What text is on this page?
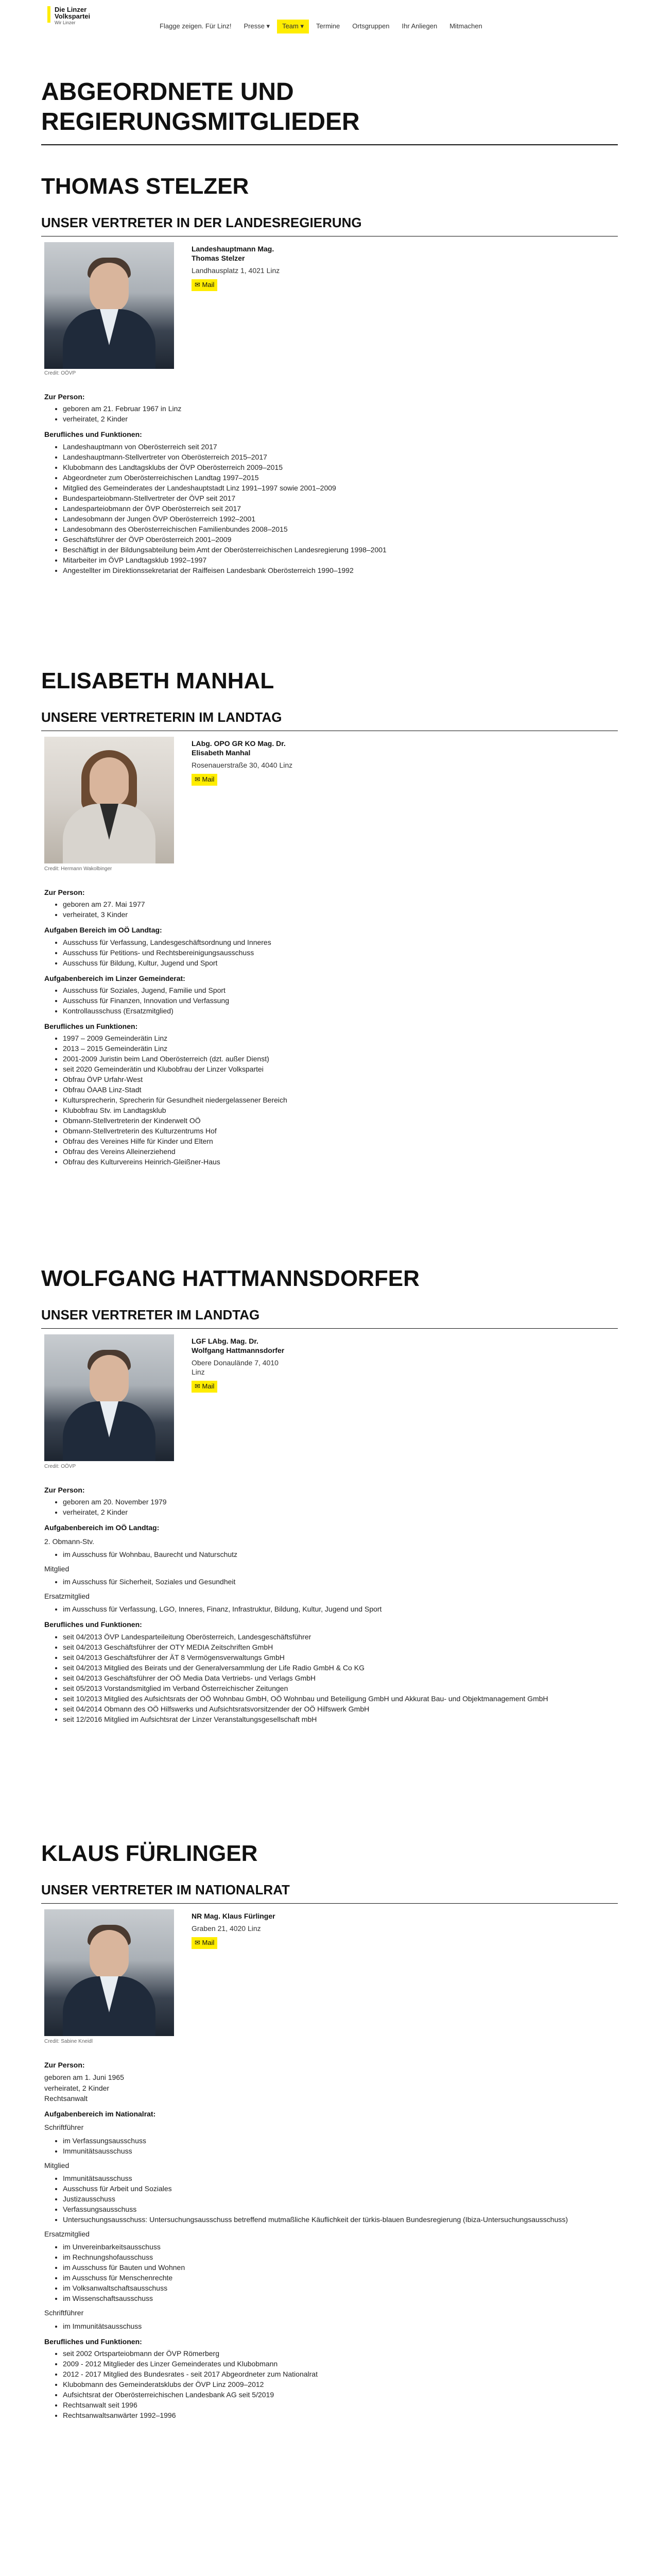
Die Linzer
Volkspartei
Wir Linzer	Flagge zeigen. Für Linz!	Presse ▾	Team ▾	Termine	Ortsgruppen	Ihr Anliegen	Mitmachen
ABGEORDNETE UND REGIERUNGSMITGLIEDER
THOMAS STELZER
UNSER VERTRETER IN DER LANDESREGIERUNG
Credit: OÖVP
Landeshauptmann Mag.
Thomas Stelzer
Landhausplatz 1, 4021 Linz
✉ Mail
Zur Person:
• geboren am 21. Februar 1967 in Linz
• verheiratet, 2 Kinder
Berufliches und Funktionen:
• Landeshauptmann von Oberösterreich seit 2017
• Landeshauptmann-Stellvertreter von Oberösterreich 2015–2017
• Klubobmann des Landtagsklubs der ÖVP Oberösterreich 2009–2015
• Abgeordneter zum Oberösterreichischen Landtag 1997–2015
• Mitglied des Gemeinderates der Landeshauptstadt Linz 1991–1997 sowie 2001–2009
• Bundesparteiobmann-Stellvertreter der ÖVP seit 2017
• Landesparteiobmann der ÖVP Oberösterreich seit 2017
• Landesobmann der Jungen ÖVP Oberösterreich 1992–2001
• Landesobmann des Oberösterreichischen Familienbundes 2008–2015
• Geschäftsführer der ÖVP Oberösterreich 2001–2009
• Beschäftigt in der Bildungsabteilung beim Amt der Oberösterreichischen Landesregierung 1998–2001
• Mitarbeiter im ÖVP Landtagsklub 1992–1997
• Angestellter im Direktionssekretariat der Raiffeisen Landesbank Oberösterreich 1990–1992
ELISABETH MANHAL
UNSERE VERTRETERIN IM LANDTAG
Credit: Hermann Wakolbinger
LAbg. OPO GR KO Mag. Dr.
Elisabeth Manhal
Rosenauerstraße 30, 4040 Linz
✉ Mail
Zur Person:
• geboren am 27. Mai 1977
• verheiratet, 3 Kinder
Aufgaben Bereich im OÖ Landtag:
• Ausschuss für Verfassung, Landesgeschäftsordnung und Inneres
• Ausschuss für Petitions- und Rechtsbereinigungsausschuss
• Ausschuss für Bildung, Kultur, Jugend und Sport
Aufgabenbereich im Linzer Gemeinderat:
• Ausschuss für Soziales, Jugend, Familie und Sport
• Ausschuss für Finanzen, Innovation und Verfassung
• Kontrollausschuss (Ersatzmitglied)
Berufliches un Funktionen:
• 1997 – 2009 Gemeinderätin Linz
• 2013 – 2015 Gemeinderätin Linz
• 2001-2009 Juristin beim Land Oberösterreich (dzt. außer Dienst)
• seit 2020 Gemeinderätin und Klubobfrau der Linzer Volkspartei
• Obfrau ÖVP Urfahr-West
• Obfrau ÖAAB Linz-Stadt
• Kultursprecherin, Sprecherin für Gesundheit niedergelassener Bereich
• Klubobfrau Stv. im Landtagsklub
• Obmann-Stellvertreterin der Kinderwelt OÖ
• Obmann-Stellvertreterin des Kulturzentrums Hof
• Obfrau des Vereines Hilfe für Kinder und Eltern
• Obfrau des Vereins Alleinerziehend
• Obfrau des Kulturvereins Heinrich-Gleißner-Haus
WOLFGANG HATTMANNSDORFER
UNSER VERTRETER IM LANDTAG
Credit: OÖVP
LGF LAbg. Mag. Dr.
Wolfgang Hattmannsdorfer
Obere Donaulände 7, 4010 Linz
✉ Mail
Zur Person:
• geboren am 20. November 1979
• verheiratet, 2 Kinder
Aufgabenbereich im OÖ Landtag:

2. Obmann-Stv.

• im Ausschuss für Wohnbau, Baurecht und Naturschutz

Mitglied

• im Ausschuss für Sicherheit, Soziales und Gesundheit

Ersatzmitglied

• im Ausschuss für Verfassung, LGO, Inneres, Finanz, Infrastruktur, Bildung, Kultur, Jugend und Sport
Berufliches und Funktionen:
• seit 04/2013 ÖVP Landesparteileitung Oberösterreich, Landesgeschäftsführer
• seit 04/2013 Geschäftsführer der OTY MEDIA Zeitschriften GmbH
• seit 04/2013 Geschäftsführer der ÄT 8 Vermögensverwaltungs GmbH
• seit 04/2013 Mitglied des Beirats und der Generalversammlung der Life Radio GmbH & Co KG
• seit 04/2013 Geschäftsführer der OÖ Media Data Vertriebs- und Verlags GmbH
• seit 05/2013 Vorstandsmitglied im Verband Österreichischer Zeitungen
• seit 10/2013 Mitglied des Aufsichtsrats der OÖ Wohnbau GmbH, OÖ Wohnbau und Beteiligung GmbH und Akkurat Bau- und Objektmanagement GmbH
• seit 04/2014 Obmann des OÖ Hilfswerks und Aufsichtsratsvorsitzender der OÖ Hilfswerk GmbH
• seit 12/2016 Mitglied im Aufsichtsrat der Linzer Veranstaltungsgesellschaft mbH
KLAUS FÜRLINGER
UNSER VERTRETER IM NATIONALRAT
Credit: Sabine Kneidl
NR Mag. Klaus Fürlinger
Graben 21, 4020 Linz
✉ Mail
Zur Person:
geboren am 1. Juni 1965
verheiratet, 2 Kinder
Rechtsanwalt
Aufgabenbereich im Nationalrat:

Schriftführer

• im Verfassungsausschuss
• Immunitätsausschuss

Mitglied

• Immunitätsausschuss
• Ausschuss für Arbeit und Soziales
• Justizausschuss
• Verfassungsausschuss
• Untersuchungsausschuss: Untersuchungsausschuss betreffend mutmaßliche Käuflichkeit der türkis-blauen Bundesregierung (Ibiza-Untersuchungsausschuss)

Ersatzmitglied

• im Unvereinbarkeitsausschuss
• im Rechnungshofausschuss
• im Ausschuss für Bauten und Wohnen
• im Ausschuss für Menschenrechte
• im Volksanwaltschaftsausschuss
• im Wissenschaftsausschuss

Schriftführer

• im Immunitätsausschuss
Berufliches und Funktionen:
• seit 2002 Ortsparteiobmann der ÖVP Römerberg
• 2009 - 2012 Mitglieder des Linzer Gemeinderates und Klubobmann
• 2012 - 2017 Mitglied des Bundesrates - seit 2017 Abgeordneter zum Nationalrat
• Klubobmann des Gemeinderatsklubs der ÖVP Linz 2009–2012
• Aufsichtsrat der Oberösterreichischen Landesbank AG seit 5/2019
• Rechtsanwalt seit 1996
• Rechtsanwaltsanwärter 1992–1996
